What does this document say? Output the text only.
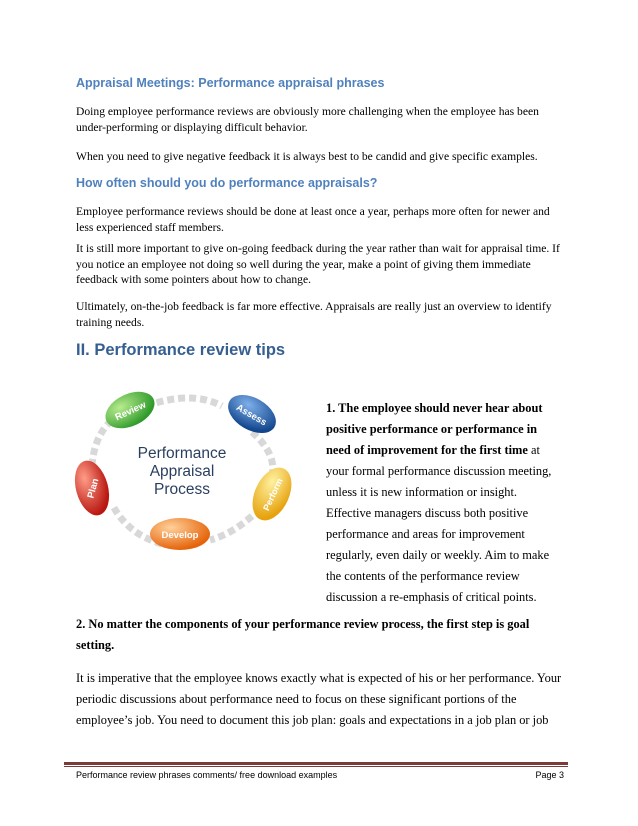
Appraisal Meetings: Performance appraisal phrases

Doing employee performance reviews are obviously more challenging when the employee has been under-performing or displaying difficult behavior.

When you need to give negative feedback it is always best to be candid and give specific examples.

How often should you do performance appraisals?

Employee performance reviews should be done at least once a year, perhaps more often for newer and less experienced staff members.

It is still more important to give on-going feedback during the year rather than wait for appraisal time. If you notice an employee not doing so well during the year, make a point of giving them immediate feedback with some pointers about how to change.

Ultimately, on-the-job feedback is far more effective. Appraisals are really just an overview to identify training needs.

II. Performance review tips
Review	Assess
Perform
Develop
Plan
Performance
Appraisal
Process

1. The employee should never hear about positive performance or performance in need of improvement for the first time at your formal performance discussion meeting, unless it is new information or insight. Effective managers discuss both positive performance and areas for improvement regularly, even daily or weekly. Aim to make the contents of the performance review discussion a re-emphasis of critical points.

2. No matter the components of your performance review process, the first step is goal setting.

It is imperative that the employee knows exactly what is expected of his or her performance. Your periodic discussions about performance need to focus on these significant portions of the employee’s job. You need to document this job plan: goals and expectations in a job plan or job

Performance review phrases comments/ free download examples	Page 3
